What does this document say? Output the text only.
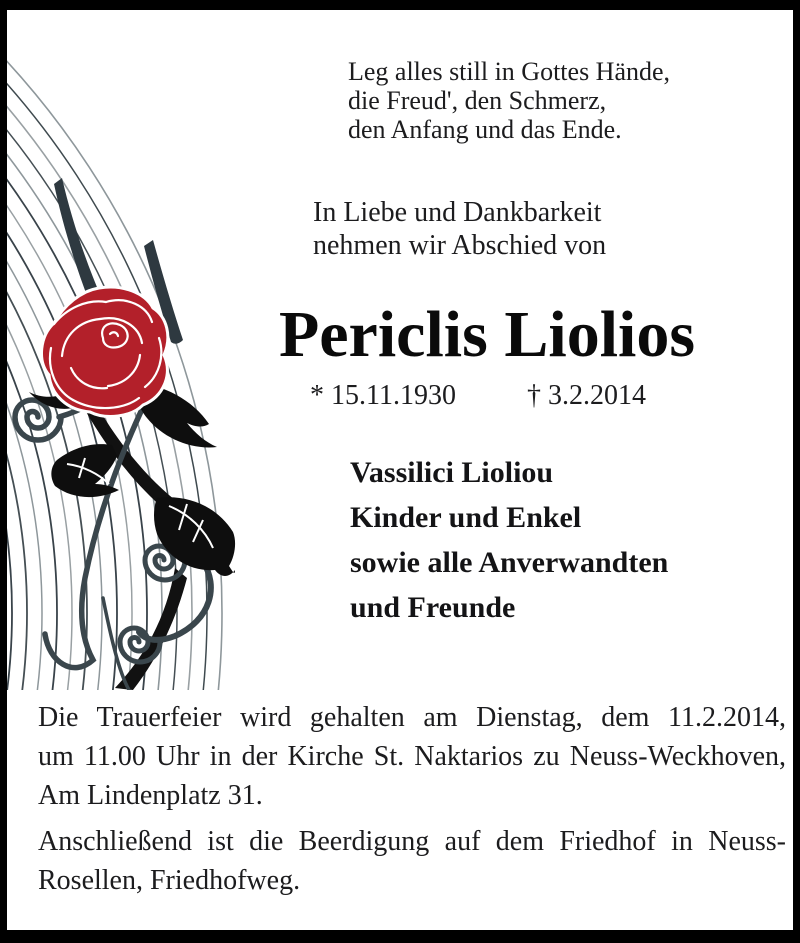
Leg alles still in Gottes Hände,
die Freud', den Schmerz,
den Anfang und das Ende.
In Liebe und Dankbarkeit
nehmen wir Abschied von
Periclis Liolios
* 15.11.1930	† 3.2.2014
Vassilici Lioliou
Kinder und Enkel
sowie alle Anverwandten
und Freunde
Die Trauerfeier wird gehalten am Dienstag, dem 11.2.2014,
um 11.00 Uhr in der Kirche St. Naktarios zu Neuss-Weckhoven,
Am Lindenplatz 31.
Anschließend ist die Beerdigung auf dem Friedhof in Neuss-
Rosellen, Friedhofweg.
